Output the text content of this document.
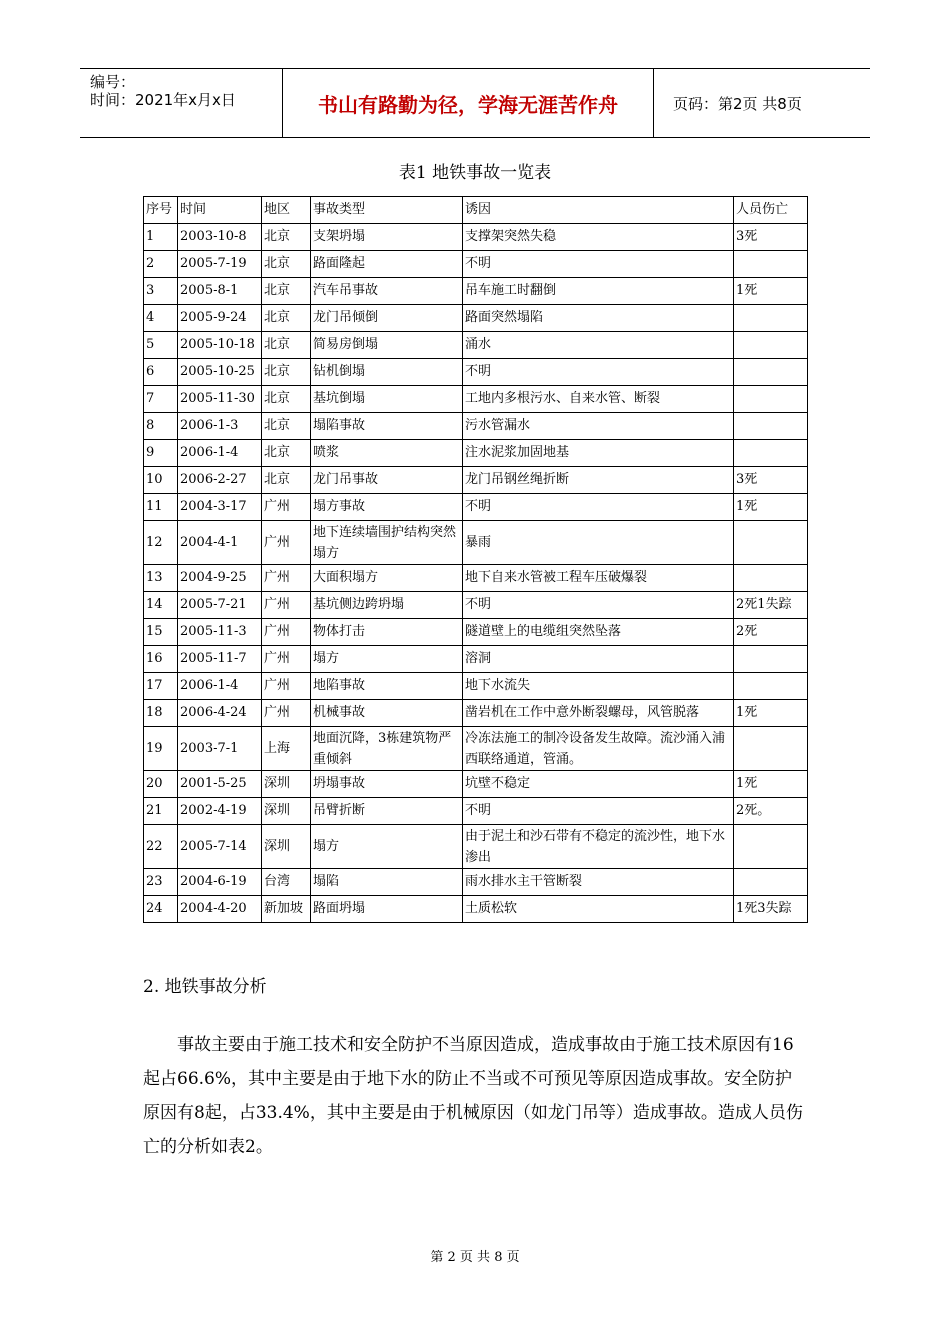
编号：
时间：2021年x月x日	书山有路勤为径，学海无涯苦作舟	页码：第2页 共8页
表1 地铁事故一览表
序号	时间	地区	事故类型	诱因	人员伤亡
1	2003-10-8	北京	支架坍塌	支撑架突然失稳	3死
2	2005-7-19	北京	路面隆起	不明	
3	2005-8-1	北京	汽车吊事故	吊车施工时翻倒	1死
4	2005-9-24	北京	龙门吊倾倒	路面突然塌陷	
5	2005-10-18	北京	简易房倒塌	涌水	
6	2005-10-25	北京	钻机倒塌	不明	
7	2005-11-30	北京	基坑倒塌	工地内多根污水、自来水管、断裂	
8	2006-1-3	北京	塌陷事故	污水管漏水	
9	2006-1-4	北京	喷浆	注水泥浆加固地基	
10	2006-2-27	北京	龙门吊事故	龙门吊钢丝绳折断	3死
11	2004-3-17	广州	塌方事故	不明	1死
12	2004-4-1	广州	地下连续墙围护结构突然塌方	暴雨	
13	2004-9-25	广州	大面积塌方	地下自来水管被工程车压破爆裂	
14	2005-7-21	广州	基坑侧边跨坍塌	不明	2死1失踪
15	2005-11-3	广州	物体打击	隧道壁上的电缆组突然坠落	2死
16	2005-11-7	广州	塌方	溶洞	
17	2006-1-4	广州	地陷事故	地下水流失	
18	2006-4-24	广州	机械事故	凿岩机在工作中意外断裂螺母，风管脱落	1死
19	2003-7-1	上海	地面沉降，3栋建筑物严重倾斜	冷冻法施工的制冷设备发生故障。流沙涌入浦西联络通道，管涌。	
20	2001-5-25	深圳	坍塌事故	坑壁不稳定	1死
21	2002-4-19	深圳	吊臂折断	不明	2死。
22	2005-7-14	深圳	塌方	由于泥土和沙石带有不稳定的流沙性，地下水渗出	
23	2004-6-19	台湾	塌陷	雨水排水主干管断裂	
24	2004-4-20	新加坡	路面坍塌	土质松软	1死3失踪
2. 地铁事故分析
事故主要由于施工技术和安全防护不当原因造成，造成事故由于施工技术原因有16起占66.6%，其中主要是由于地下水的防止不当或不可预见等原因造成事故。安全防护原因有8起，占33.4%，其中主要是由于机械原因（如龙门吊等）造成事故。造成人员伤亡的分析如表2。
第 2 页 共 8 页
